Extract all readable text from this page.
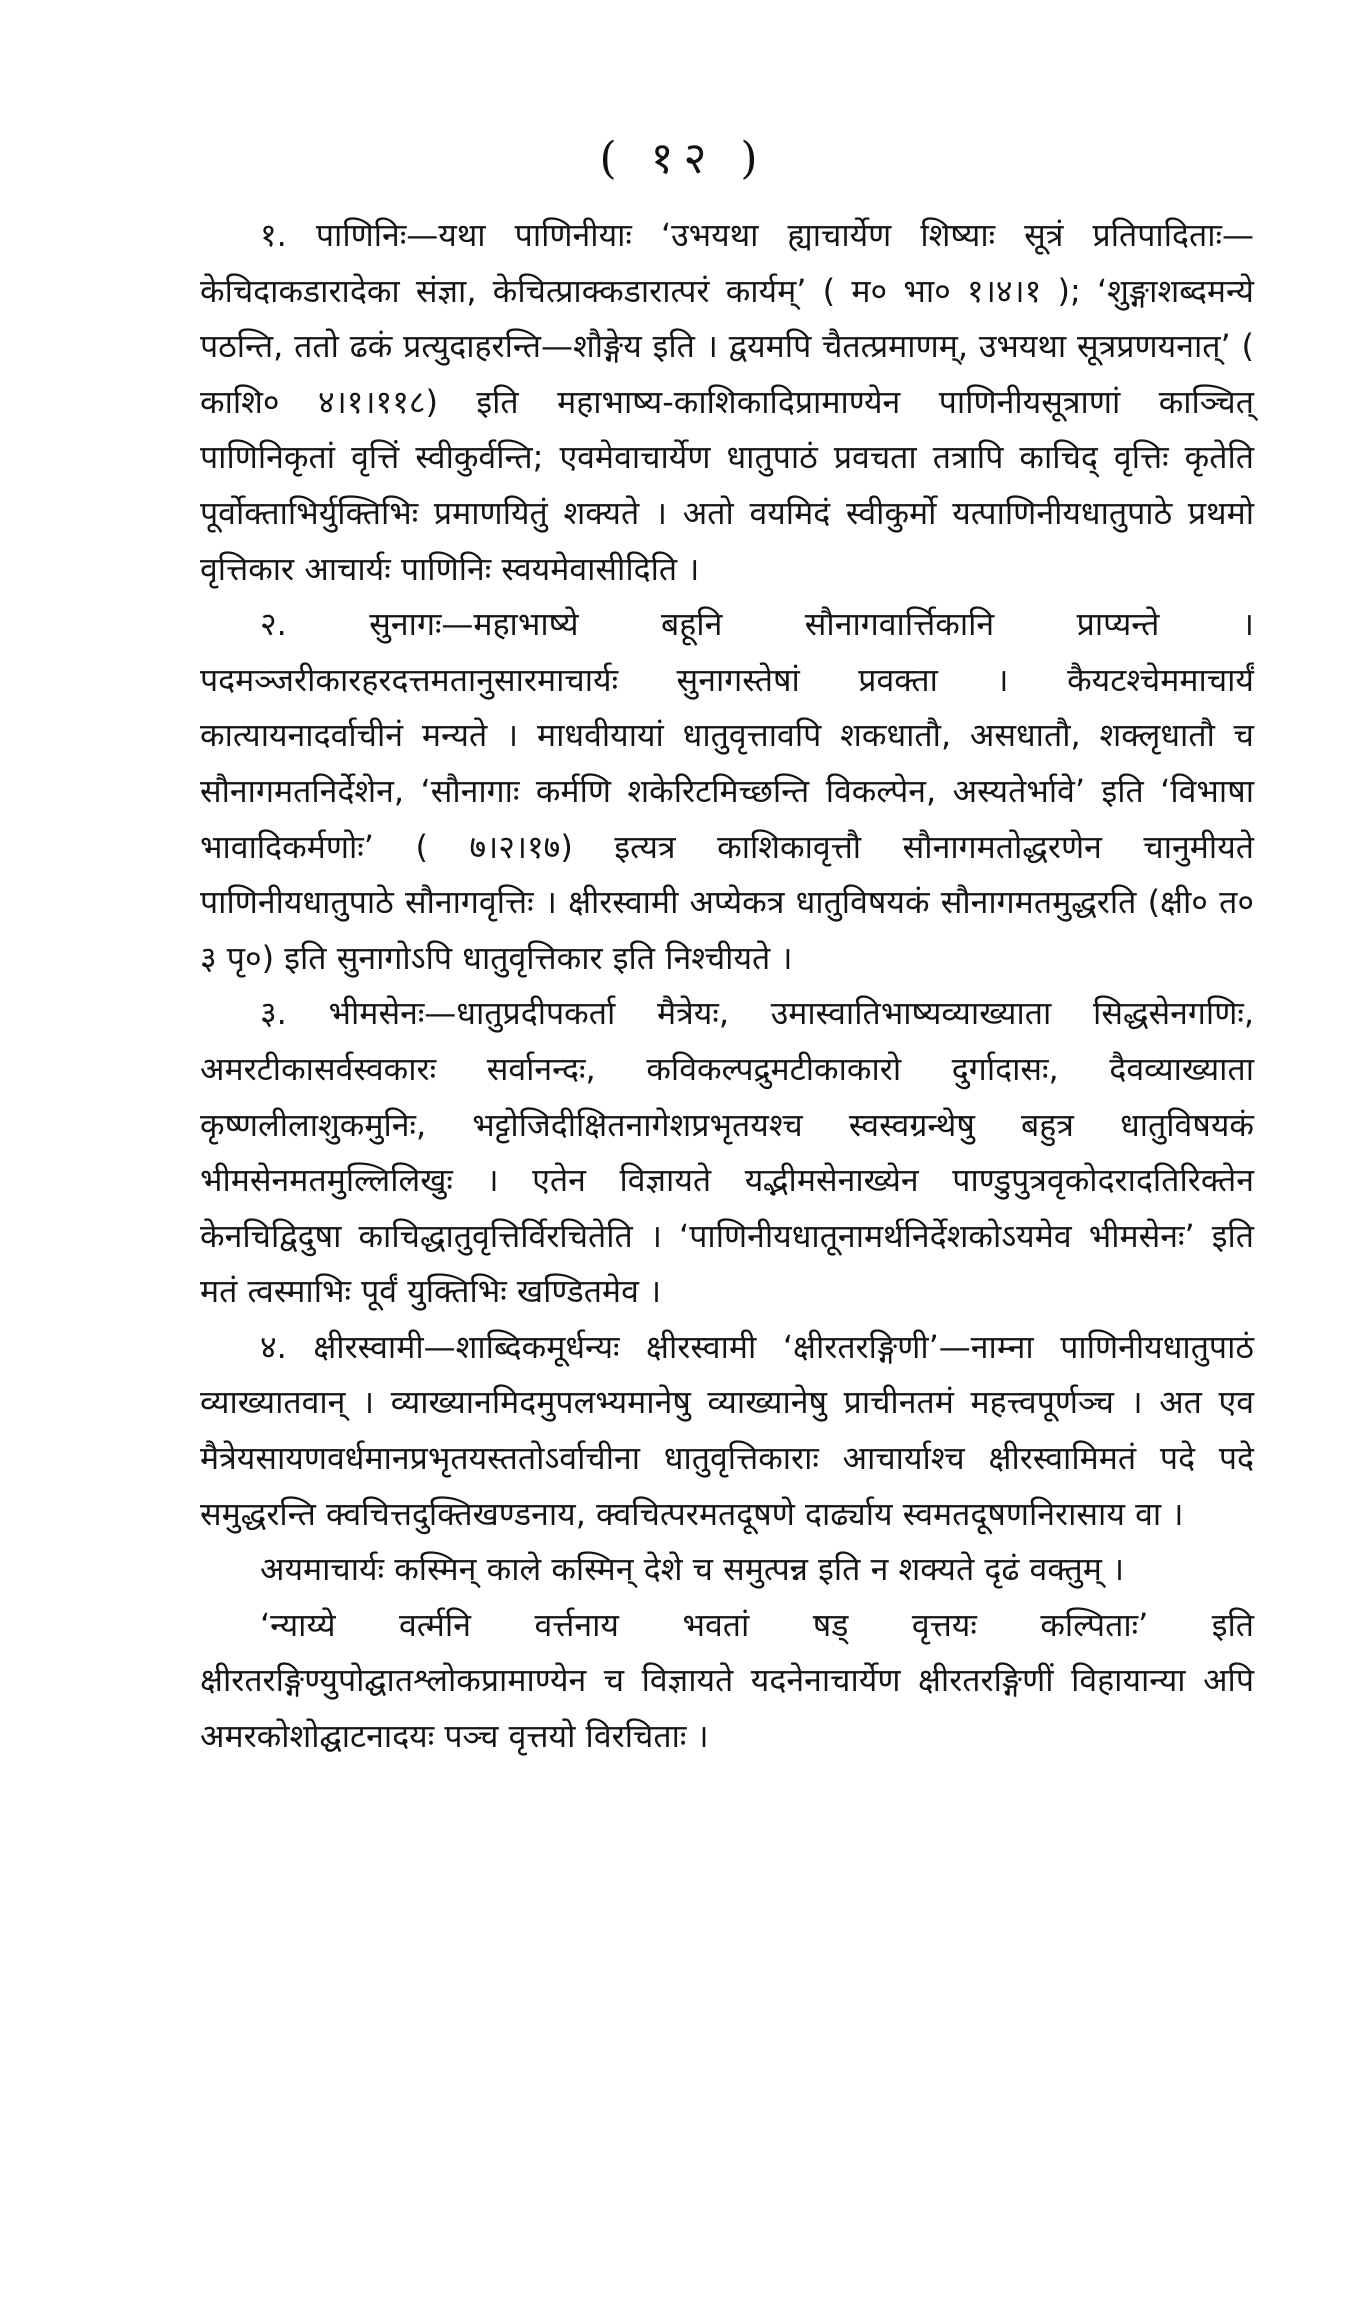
( १२ )

१. पाणिनिः—यथा पाणिनीयाः ‘उभयथा ह्याचार्येण शिष्याः सूत्रं प्रतिपादिताः—केचिदाकडारादेका संज्ञा, केचित्प्राक्कडारात्परं कार्यम्’ ( म० भा० १।४।१ ); ‘शुङ्गाशब्दमन्ये पठन्ति, ततो ढकं प्रत्युदाहरन्ति—शौङ्गेय इति । द्वयमपि चैतत्प्रमाणम्, उभयथा सूत्रप्रणयनात्’ ( काशि० ४।१।११८) इति महाभाष्य-काशिकादिप्रामाण्येन पाणिनीयसूत्राणां काञ्चित् पाणिनिकृतां वृत्तिं स्वीकुर्वन्ति; एवमेवाचार्येण धातुपाठं प्रवचता तत्रापि काचिद् वृत्तिः कृतेति पूर्वोक्ताभिर्युक्तिभिः प्रमाणयितुं शक्यते । अतो वयमिदं स्वीकुर्मो यत्पाणिनीयधातुपाठे प्रथमो वृत्तिकार आचार्यः पाणिनिः स्वयमेवासीदिति ।

२. सुनागः—महाभाष्ये बहूनि सौनागवार्त्तिकानि प्राप्यन्ते । पदमञ्जरीकारहरदत्तमतानुसारमाचार्यः सुनागस्तेषां प्रवक्ता । कैयटश्चेममाचार्यं कात्यायनादर्वाचीनं मन्यते । माधवीयायां धातुवृत्तावपि शकधातौ, असधातौ, शक्लृधातौ च सौनागमतनिर्देशेन, ‘सौनागाः कर्मणि शकेरिटमिच्छन्ति विकल्पेन, अस्यतेर्भावे’ इति ‘विभाषा भावादिकर्मणोः’ ( ७।२।१७) इत्यत्र काशिकावृत्तौ सौनागमतोद्धरणेन चानुमीयते पाणिनीयधातुपाठे सौनागवृत्तिः । क्षीरस्वामी अप्येकत्र धातुविषयकं सौनागमतमुद्धरति (क्षी० त० ३ पृ०) इति सुनागोऽपि धातुवृत्तिकार इति निश्चीयते ।

३. भीमसेनः—धातुप्रदीपकर्ता मैत्रेयः, उमास्वातिभाष्यव्याख्याता सिद्धसेनगणिः, अमरटीकासर्वस्वकारः सर्वानन्दः, कविकल्पद्रुमटीकाकारो दुर्गादासः, दैवव्याख्याता कृष्णलीलाशुकमुनिः, भट्टोजिदीक्षितनागेशप्रभृतयश्च स्वस्वग्रन्थेषु बहुत्र धातुविषयकं भीमसेनमतमुल्लिलिखुः । एतेन विज्ञायते यद्भीमसेनाख्येन पाण्डुपुत्रवृकोदरादतिरिक्तेन केनचिद्विदुषा काचिद्धातुवृत्तिर्विरचितेति । ‘पाणिनीयधातूनामर्थनिर्देशकोऽयमेव भीमसेनः’ इति मतं त्वस्माभिः पूर्वं युक्तिभिः खण्डितमेव ।

४. क्षीरस्वामी—शाब्दिकमूर्धन्यः क्षीरस्वामी ‘क्षीरतरङ्गिणी’—नाम्ना पाणिनीयधातुपाठं व्याख्यातवान् । व्याख्यानमिदमुपलभ्यमानेषु व्याख्यानेषु प्राचीनतमं महत्त्वपूर्णञ्च । अत एव मैत्रेयसायणवर्धमानप्रभृतयस्ततोऽर्वाचीना धातुवृत्तिकाराः आचार्याश्च क्षीरस्वामिमतं पदे पदे समुद्धरन्ति क्वचित्तदुक्तिखण्डनाय, क्वचित्परमतदूषणे दार्ढ्याय स्वमतदूषणनिरासाय वा ।

अयमाचार्यः कस्मिन् काले कस्मिन् देशे च समुत्पन्न इति न शक्यते दृढं वक्तुम् ।

‘न्याय्ये वर्त्मनि वर्त्तनाय भवतां षड् वृत्तयः कल्पिताः’ इति क्षीरतरङ्गिण्युपोद्घातश्लोकप्रामाण्येन च विज्ञायते यदनेनाचार्येण क्षीरतरङ्गिणीं विहायान्या अपि अमरकोशोद्घाटनादयः पञ्च वृत्तयो विरचिताः ।
